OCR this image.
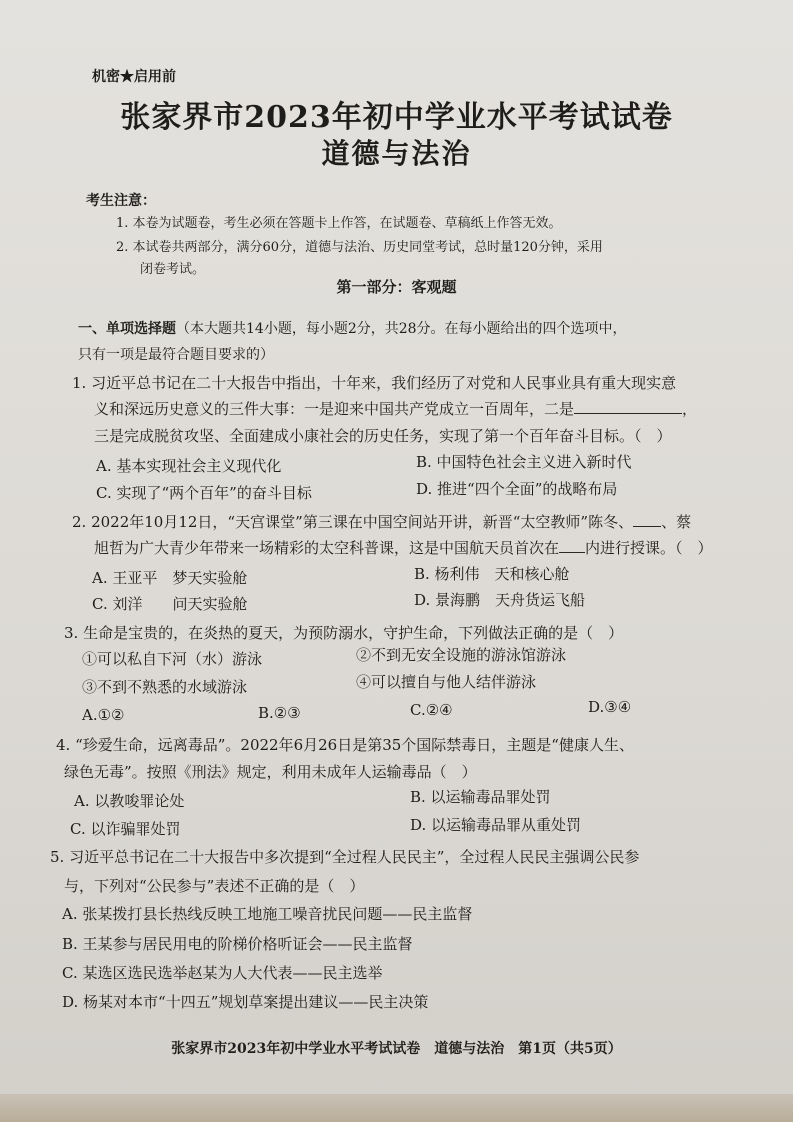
机密★启用前
张家界市2023年初中学业水平考试试卷
道德与法治
考生注意：
1. 本卷为试题卷，考生必须在答题卡上作答，在试题卷、草稿纸上作答无效。
2. 本试卷共两部分，满分60分，道德与法治、历史同堂考试，总时量120分钟，采用
闭卷考试。
第一部分：客观题
一、单项选择题（本大题共14小题，每小题2分，共28分。在每小题给出的四个选项中，
只有一项是最符合题目要求的）
1. 习近平总书记在二十大报告中指出，十年来，我们经历了对党和人民事业具有重大现实意
义和深远历史意义的三件大事：一是迎来中国共产党成立一百周年，二是	，
三是完成脱贫攻坚、全面建成小康社会的历史任务，实现了第一个百年奋斗目标。（　）
A. 基本实现社会主义现代化	B. 中国特色社会主义进入新时代
C. 实现了“两个百年”的奋斗目标	D. 推进“四个全面”的战略布局
2. 2022年10月12日，“天宫课堂”第三课在中国空间站开讲，新晋“太空教师”陈冬、 、蔡
旭哲为广大青少年带来一场精彩的太空科普课，这是中国航天员首次在 内进行授课。（　）
A. 王亚平　梦天实验舱	B. 杨利伟　天和核心舱
C. 刘洋　　问天实验舱	D. 景海鹏　天舟货运飞船
3. 生命是宝贵的，在炎热的夏天，为预防溺水，守护生命，下列做法正确的是（　）
①可以私自下河（水）游泳	②不到无安全设施的游泳馆游泳
③不到不熟悉的水域游泳	④可以擅自与他人结伴游泳
A.①②	B.②③	C.②④	D.③④
4. “珍爱生命，远离毒品”。2022年6月26日是第35个国际禁毒日，主题是“健康人生、
绿色无毒”。按照《刑法》规定，利用未成年人运输毒品（　）
A. 以教唆罪论处	B. 以运输毒品罪处罚
C. 以诈骗罪处罚	D. 以运输毒品罪从重处罚
5. 习近平总书记在二十大报告中多次提到“全过程人民民主”，全过程人民民主强调公民参
与，下列对“公民参与”表述不正确的是（　）
A. 张某拨打县长热线反映工地施工噪音扰民问题——民主监督
B. 王某参与居民用电的阶梯价格听证会——民主监督
C. 某选区选民选举赵某为人大代表——民主选举
D. 杨某对本市“十四五”规划草案提出建议——民主决策
张家界市2023年初中学业水平考试试卷　道德与法治　第1页（共5页）
